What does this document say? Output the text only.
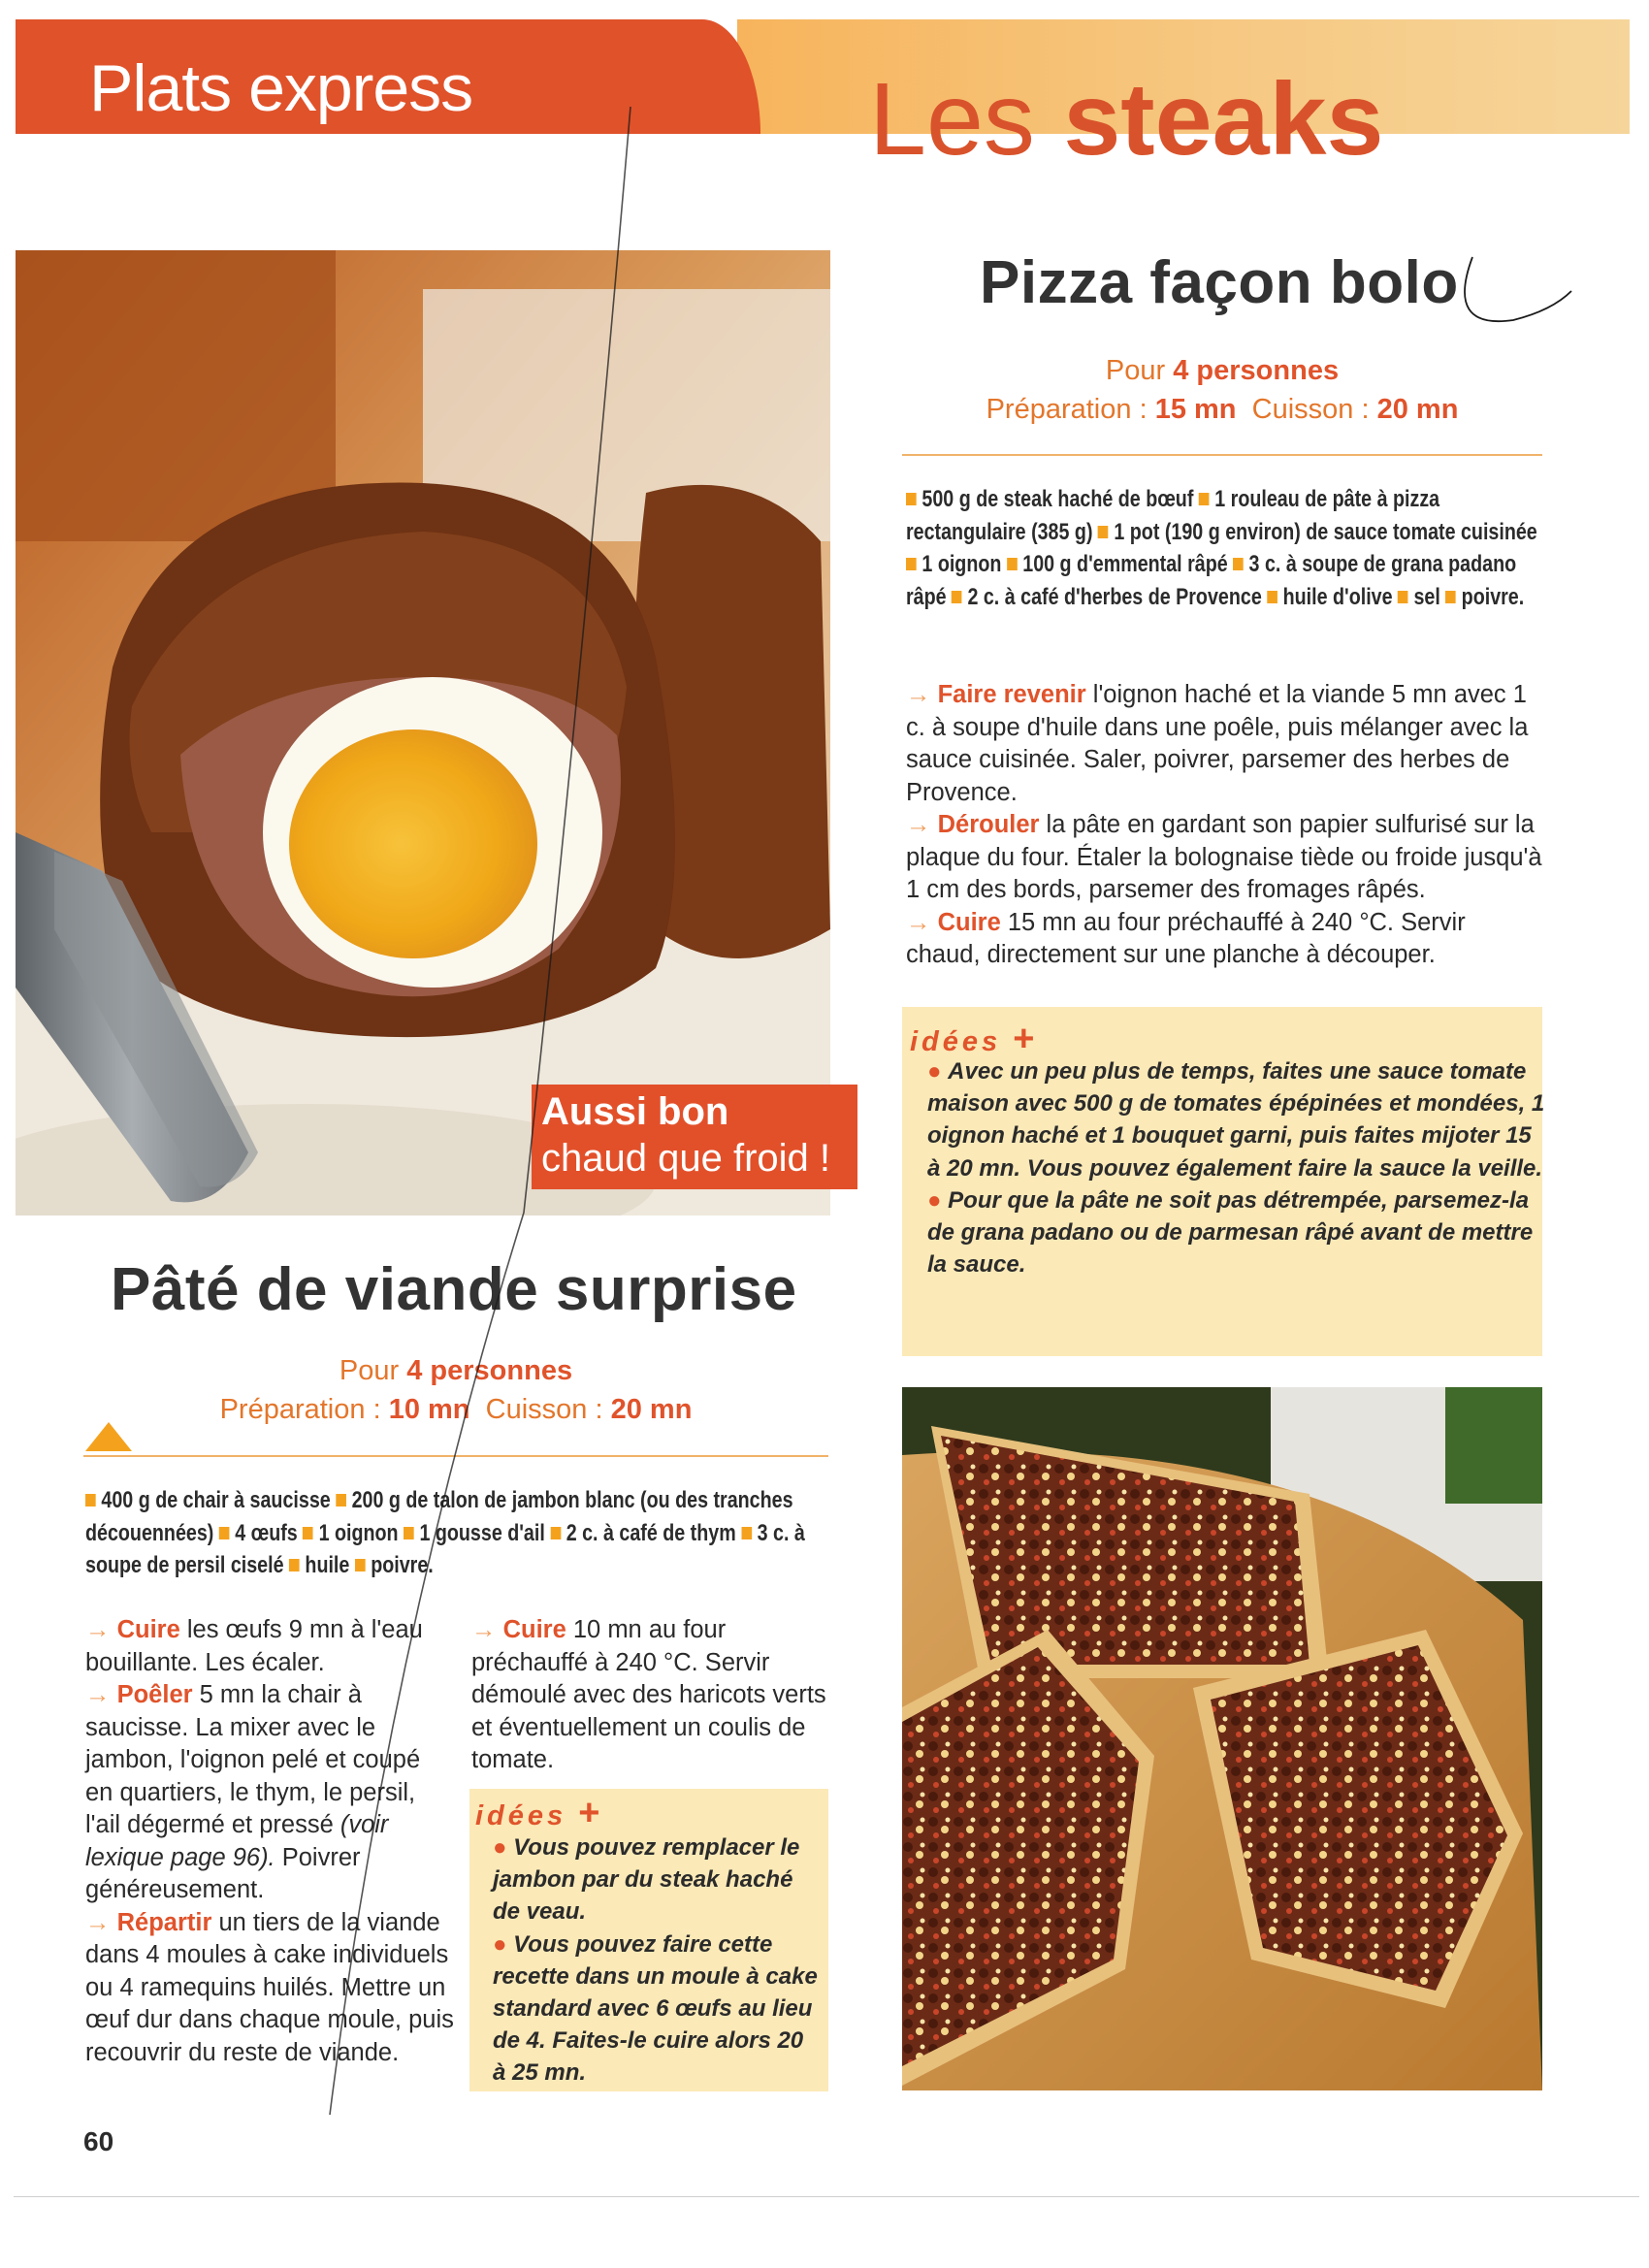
Plats express	Les steaks
Aussi bon
chaud que froid !
Pizza façon bolo
Pour 4 personnes
Préparation : 15 mn Cuisson : 20 mn
500 g de steak haché de bœuf 1 rouleau de pâte à pizza rectangulaire (385 g) 1 pot (190 g environ) de sauce tomate cuisinée 1 oignon 100 g d'emmental râpé 3 c. à soupe de grana padano râpé 2 c. à café d'herbes de Provence huile d'olive sel poivre.

→ Faire revenir l'oignon haché et la viande 5 mn avec 1 c. à soupe d'huile dans une poêle, puis mélanger avec la sauce cuisinée. Saler, poivrer, parsemer des herbes de Provence.

→ Dérouler la pâte en gardant son papier sulfurisé sur la plaque du four. Étaler la bolognaise tiède ou froide jusqu'à 1 cm des bords, parsemer des fromages râpés.

→ Cuire 15 mn au four préchauffé à 240 °C. Servir chaud, directement sur une planche à découper.

idées +
● Avec un peu plus de temps, faites une sauce tomate maison avec 500 g de tomates épépinées et mondées, 1 oignon haché et 1 bouquet garni, puis faites mijoter 15 à 20 mn. Vous pouvez également faire la sauce la veille.
● Pour que la pâte ne soit pas détrempée, parsemez-la de grana padano ou de parmesan râpé avant de mettre la sauce.
Pâté de viande surprise
Pour 4 personnes
Préparation : 10 mn Cuisson : 20 mn
400 g de chair à saucisse 200 g de talon de jambon blanc (ou des tranches découennées) 4 œufs 1 oignon 1 gousse d'ail 2 c. à café de thym 3 c. à soupe de persil ciselé huile poivre.

→ Cuire les œufs 9 mn à l'eau bouillante. Les écaler.

→ Poêler 5 mn la chair à saucisse. La mixer avec le jambon, l'oignon pelé et coupé en quartiers, le thym, le persil, l'ail dégermé et pressé (voir lexique page 96). Poivrer généreusement.

→ Répartir un tiers de la viande dans 4 moules à cake individuels ou 4 ramequins huilés. Mettre un œuf dur dans chaque moule, puis recouvrir du reste de viande.

→ Cuire 10 mn au four préchauffé à 240 °C. Servir démoulé avec des haricots verts et éventuellement un coulis de tomate.

idées +
● Vous pouvez remplacer le jambon par du steak haché de veau.
● Vous pouvez faire cette recette dans un moule à cake standard avec 6 œufs au lieu de 4. Faites-le cuire alors 20 à 25 mn.
60
